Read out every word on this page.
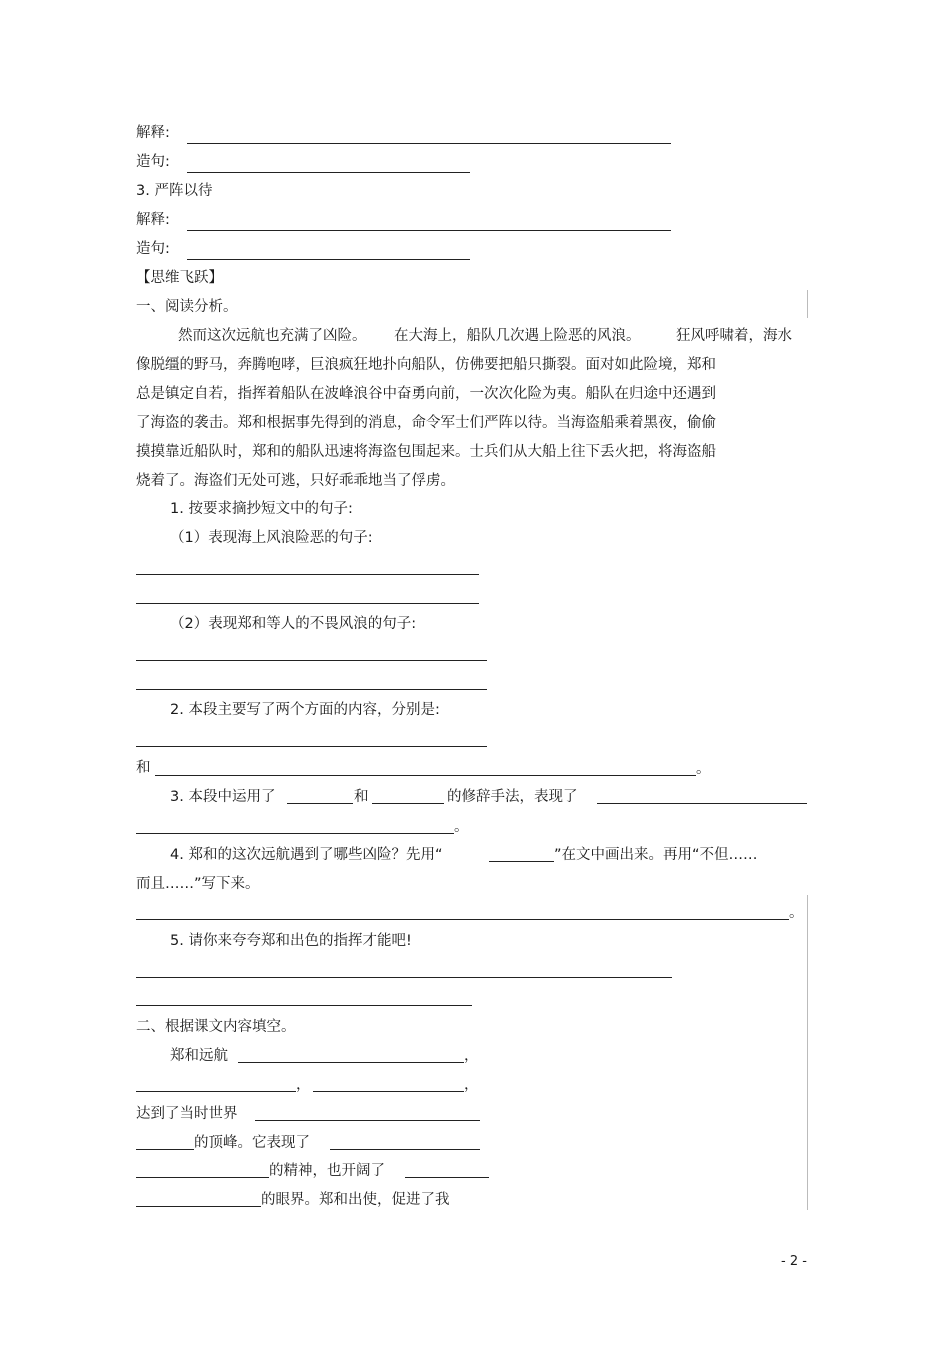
解释:
造句:
3. 严阵以待
解释:
造句:
【思维飞跃】
一、阅读分析。
然而这次远航也充满了凶险。 在大海上，船队几次遇上险恶的风浪。 狂风呼啸着，海水
像脱缰的野马，奔腾咆哮，巨浪疯狂地扑向船队，仿佛要把船只撕裂。面对如此险境，郑和
总是镇定自若，指挥着船队在波峰浪谷中奋勇向前，一次次化险为夷。船队在归途中还遇到
了海盗的袭击。郑和根据事先得到的消息，命令军士们严阵以待。当海盗船乘着黑夜，偷偷
摸摸靠近船队时，郑和的船队迅速将海盗包围起来。士兵们从大船上往下丢火把，将海盗船
烧着了。海盗们无处可逃，只好乖乖地当了俘虏。
1. 按要求摘抄短文中的句子:
（1）表现海上风浪险恶的句子:
（2）表现郑和等人的不畏风浪的句子:
2. 本段主要写了两个方面的内容，分别是:
和	。
3. 本段中运用了	和	的修辞手法，表现了
。
4. 郑和的这次远航遇到了哪些凶险？先用“	”在文中画出来。再用“不但……
而且……”写下来。
。
5. 请你来夸夸郑和出色的指挥才能吧!
二、根据课文内容填空。
郑和远航	，
，	，
达到了当时世界
的顶峰。它表现了
的精神，也开阔了
的眼界。郑和出使，促进了我
- 2 -
